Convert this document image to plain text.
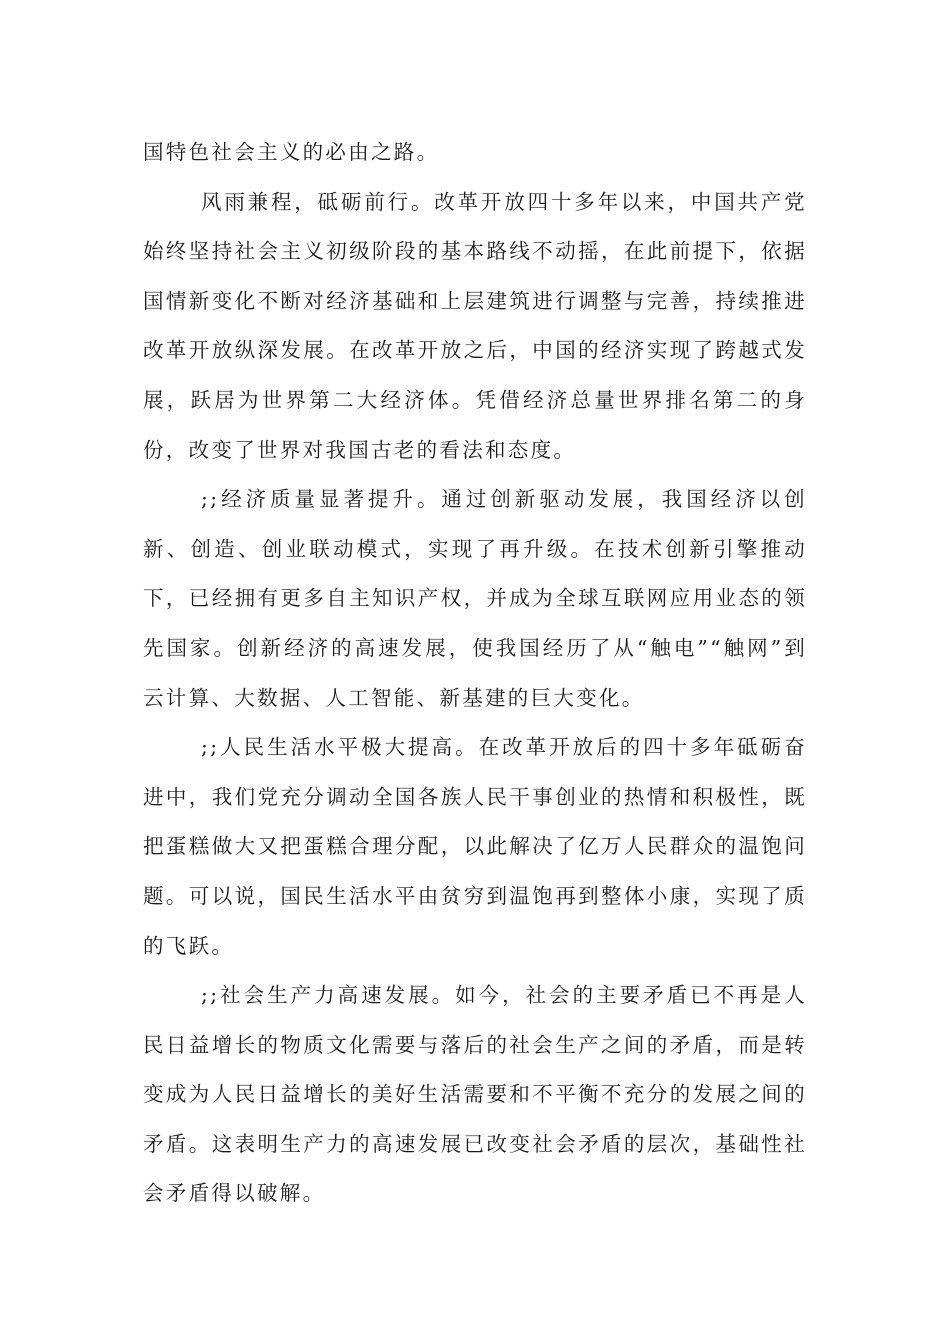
国特色社会主义的必由之路。

风雨兼程，砥砺前行。改革开放四十多年以来，中国共产党始终坚持社会主义初级阶段的基本路线不动摇，在此前提下，依据国情新变化不断对经济基础和上层建筑进行调整与完善，持续推进改革开放纵深发展。在改革开放之后，中国的经济实现了跨越式发展，跃居为世界第二大经济体。凭借经济总量世界排名第二的身份，改变了世界对我国古老的看法和态度。

;;经济质量显著提升。通过创新驱动发展，我国经济以创新、创造、创业联动模式，实现了再升级。在技术创新引擎推动下，已经拥有更多自主知识产权，并成为全球互联网应用业态的领先国家。创新经济的高速发展，使我国经历了从“触电”“触网”到云计算、大数据、人工智能、新基建的巨大变化。

;;人民生活水平极大提高。在改革开放后的四十多年砥砺奋进中，我们党充分调动全国各族人民干事创业的热情和积极性，既把蛋糕做大又把蛋糕合理分配，以此解决了亿万人民群众的温饱问题。可以说，国民生活水平由贫穷到温饱再到整体小康，实现了质的飞跃。

;;社会生产力高速发展。如今，社会的主要矛盾已不再是人民日益增长的物质文化需要与落后的社会生产之间的矛盾，而是转变成为人民日益增长的美好生活需要和不平衡不充分的发展之间的矛盾。这表明生产力的高速发展已改变社会矛盾的层次，基础性社会矛盾得以破解。
